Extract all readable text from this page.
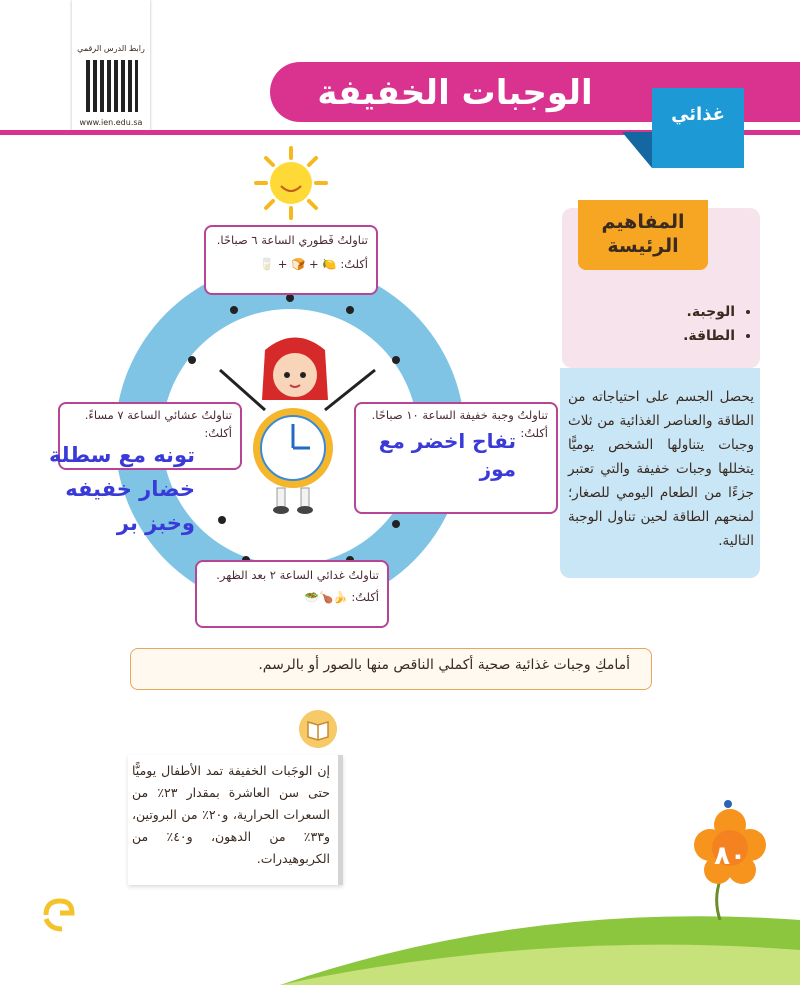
رابط الدرس الرقمي
www.ien.edu.sa
الوجبات الخفيفة
غذائي
المفاهيم
الرئيسة
• الوجبة.
• الطاقة.
يحصل الجسم على احتياجاته من الطاقة والعناصر الغذائية من ثلاث وجبات يتناولها الشخص يوميًّا يتخللها وجبات خفيفة والتي تعتبر جزءًا من الطعام اليومي للصغار؛ لمنحهم الطاقة لحين تناول الوجبة التالية.
تناولتُ فَطوري الساعة ٦ صباحًا.
أكلتُ: 🍋 + 🍞 + 🥛
تناولتُ وجبة خفيفة الساعة ١٠ صباحًا.
أكلتُ:
تفاح اخضر مع موز
تناولتُ عشائي الساعة ٧ مساءً.
أكلتُ:
تونه مع سطلة
خضار خفيفه
وخبز بر
تناولتُ غدائي الساعة ٢ بعد الظهر.
أكلتُ: 🍌🍗🥗
أمامكِ وجبات غذائية صحية أكملي الناقص منها بالصور أو بالرسم.
إن الوجَبات الخفيفة تمد الأطفال يوميًّا حتى سن العاشرة بمقدار ٢٣٪ من السعرات الحرارية، و٢٠٪ من البروتين، و٣٣٪ من الدهون، و٤٠٪ من الكربوهيدرات.	٨٠
